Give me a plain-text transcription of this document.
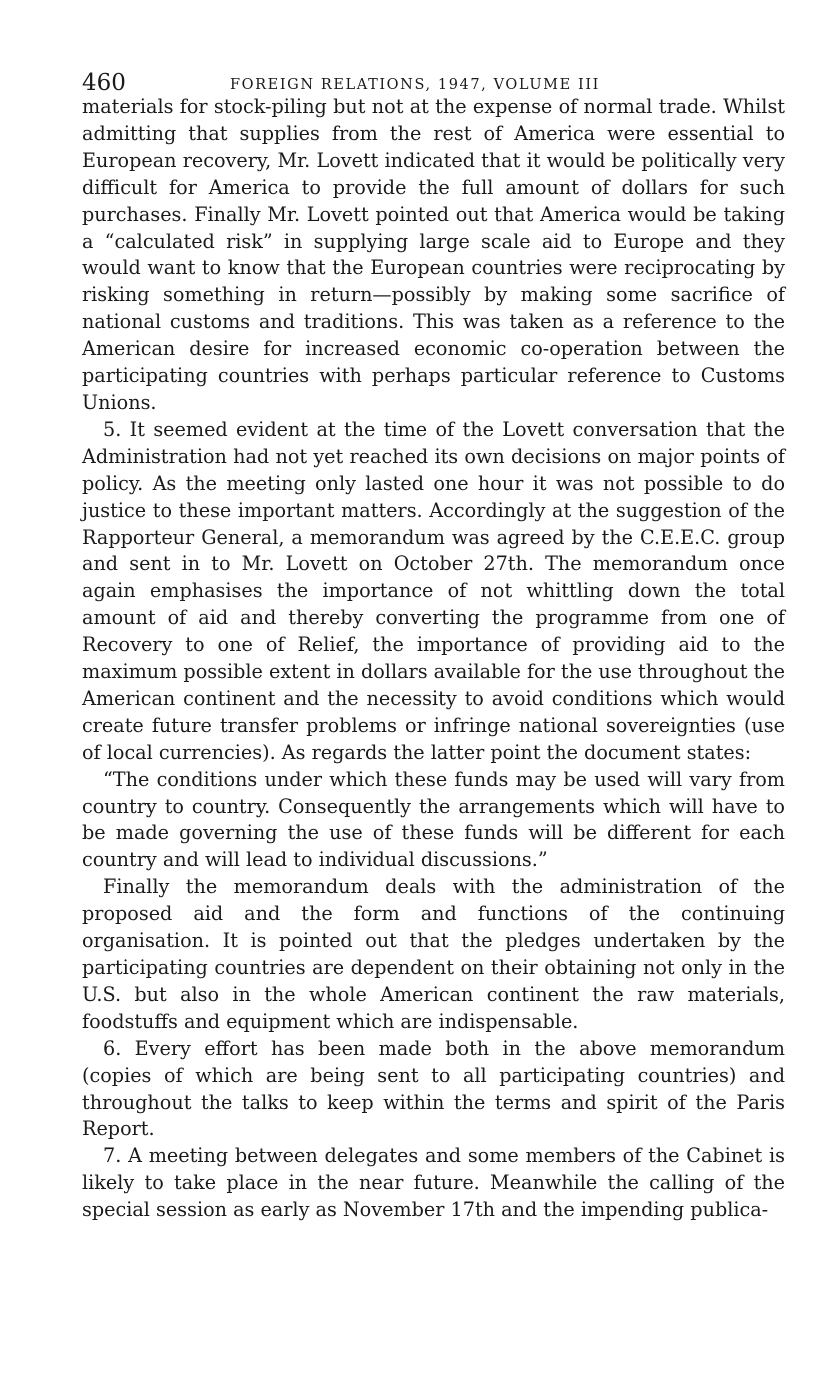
460	FOREIGN RELATIONS, 1947, VOLUME III

materials for stock-piling but not at the expense of normal trade. Whilst admitting that supplies from the rest of America were essential to European recovery, Mr. Lovett indicated that it would be politically very difficult for America to provide the full amount of dollars for such purchases. Finally Mr. Lovett pointed out that America would be taking a “calculated risk” in supplying large scale aid to Europe and they would want to know that the European countries were reciprocating by risking something in return—possibly by making some sacrifice of national customs and traditions. This was taken as a reference to the American desire for increased economic co-operation between the participating countries with perhaps particular reference to Customs Unions.

5. It seemed evident at the time of the Lovett conversation that the Administration had not yet reached its own decisions on major points of policy. As the meeting only lasted one hour it was not possible to do justice to these important matters. Accordingly at the suggestion of the Rapporteur General, a memorandum was agreed by the C.E.E.C. group and sent in to Mr. Lovett on October 27th. The memorandum once again emphasises the importance of not whittling down the total amount of aid and thereby converting the programme from one of Recovery to one of Relief, the importance of providing aid to the maximum possible extent in dollars available for the use throughout the American continent and the necessity to avoid conditions which would create future transfer problems or infringe national sovereignties (use of local currencies). As regards the latter point the document states:

“The conditions under which these funds may be used will vary from country to country. Consequently the arrangements which will have to be made governing the use of these funds will be different for each country and will lead to individual discussions.”

Finally the memorandum deals with the administration of the proposed aid and the form and functions of the continuing organisation. It is pointed out that the pledges undertaken by the participating countries are dependent on their obtaining not only in the U.S. but also in the whole American continent the raw materials, foodstuffs and equipment which are indispensable.

6. Every effort has been made both in the above memorandum (copies of which are being sent to all participating countries) and throughout the talks to keep within the terms and spirit of the Paris Report.

7. A meeting between delegates and some members of the Cabinet is likely to take place in the near future. Meanwhile the calling of the special session as early as November 17th and the impending publica-
